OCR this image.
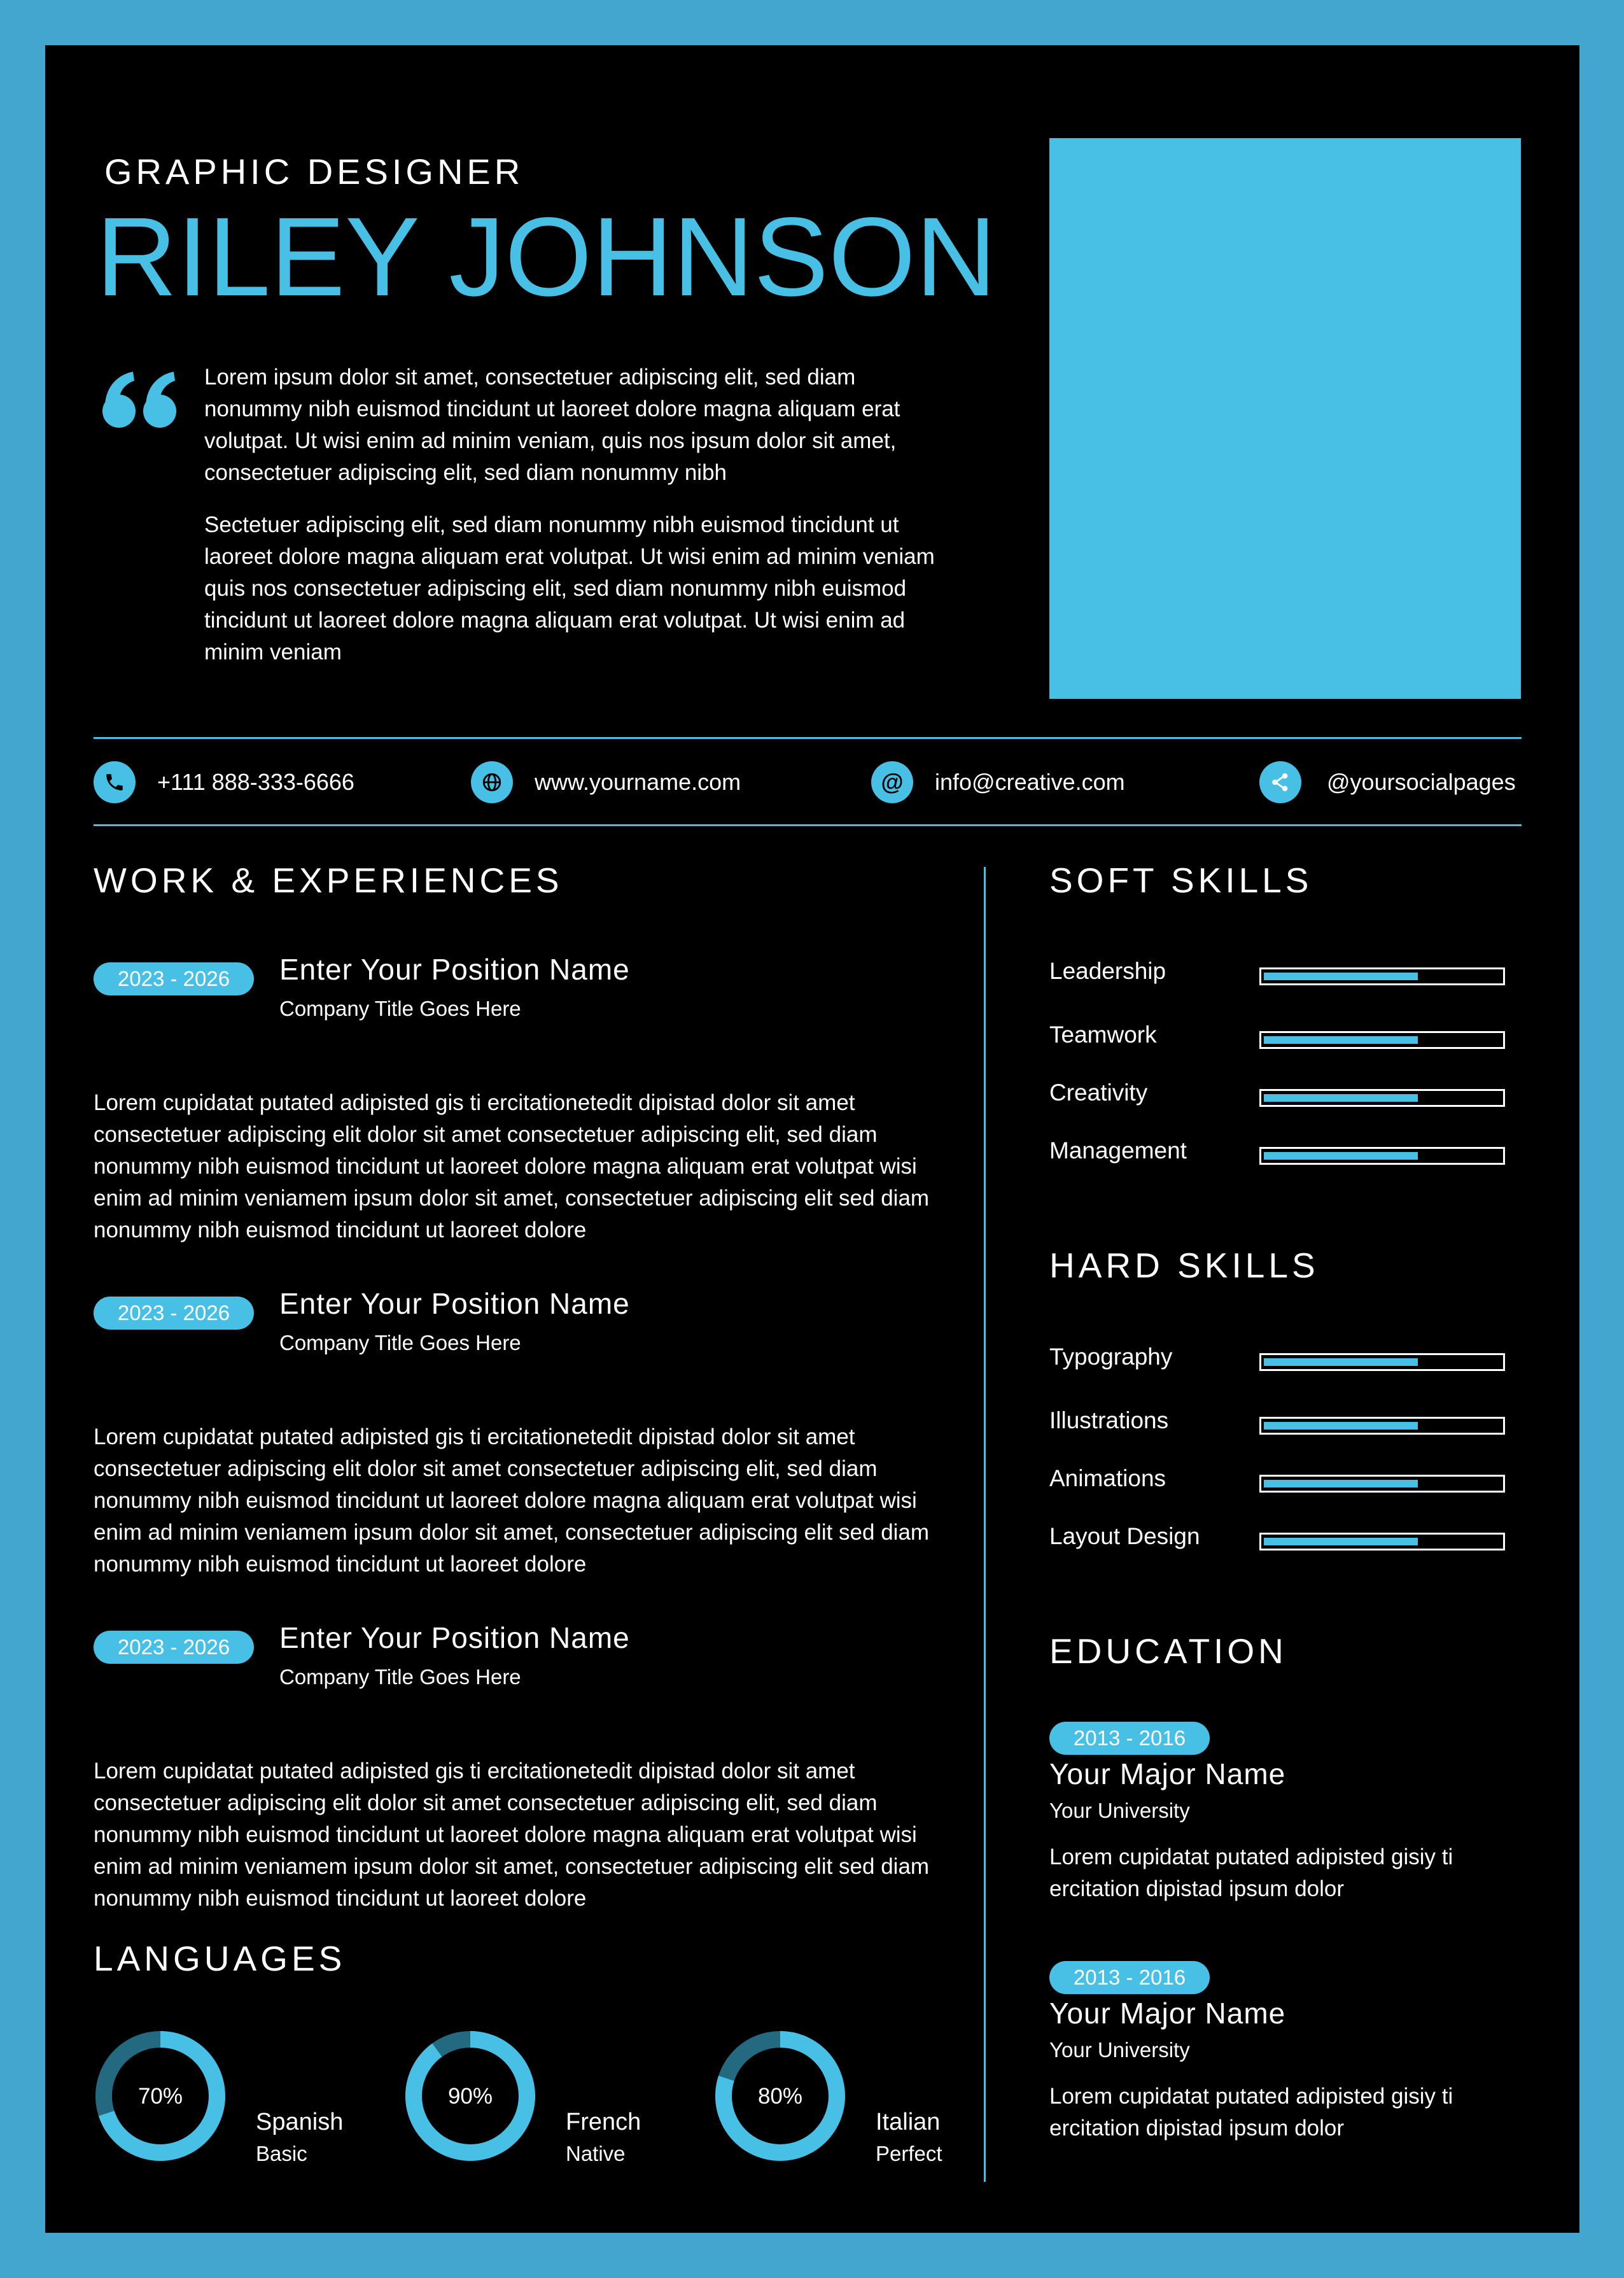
GRAPHIC DESIGNER
RILEY JOHNSON
Lorem ipsum dolor sit amet, consectetuer adipiscing elit, sed diam
nonummy nibh euismod tincidunt ut laoreet dolore magna aliquam erat
volutpat. Ut wisi enim ad minim veniam, quis nos ipsum dolor sit amet,
consectetuer adipiscing elit, sed diam nonummy nibh
Sectetuer adipiscing elit, sed diam nonummy nibh euismod tincidunt ut
laoreet dolore magna aliquam erat volutpat. Ut wisi enim ad minim veniam
quis nos consectetuer adipiscing elit, sed diam nonummy nibh euismod
tincidunt ut laoreet dolore magna aliquam erat volutpat. Ut wisi enim ad
minim veniam
+111 888-333-6666	www.yourname.com	@ info@creative.com	@yoursocialpages
WORK & EXPERIENCES
2023 - 2026	Enter Your Position Name
Company Title Goes Here
Lorem cupidatat putated adipisted gis ti ercitationetedit dipistad dolor sit amet
consectetuer adipiscing elit dolor sit amet consectetuer adipiscing elit, sed diam
nonummy nibh euismod tincidunt ut laoreet dolore magna aliquam erat volutpat wisi
enim ad minim veniamem ipsum dolor sit amet, consectetuer adipiscing elit sed diam
nonummy nibh euismod tincidunt ut laoreet dolore
2023 - 2026	Enter Your Position Name
Company Title Goes Here
Lorem cupidatat putated adipisted gis ti ercitationetedit dipistad dolor sit amet
consectetuer adipiscing elit dolor sit amet consectetuer adipiscing elit, sed diam
nonummy nibh euismod tincidunt ut laoreet dolore magna aliquam erat volutpat wisi
enim ad minim veniamem ipsum dolor sit amet, consectetuer adipiscing elit sed diam
nonummy nibh euismod tincidunt ut laoreet dolore
2023 - 2026	Enter Your Position Name
Company Title Goes Here
Lorem cupidatat putated adipisted gis ti ercitationetedit dipistad dolor sit amet
consectetuer adipiscing elit dolor sit amet consectetuer adipiscing elit, sed diam
nonummy nibh euismod tincidunt ut laoreet dolore magna aliquam erat volutpat wisi
enim ad minim veniamem ipsum dolor sit amet, consectetuer adipiscing elit sed diam
nonummy nibh euismod tincidunt ut laoreet dolore
LANGUAGES
70%
Spanish
Basic
90%
French
Native
80%
Italian
Perfect
SOFT SKILLS
Leadership
Teamwork
Creativity
Management
HARD SKILLS
Typography
Illustrations
Animations
Layout Design
EDUCATION
2013 - 2016
Your Major Name
Your University
Lorem cupidatat putated adipisted gisiy ti
ercitation dipistad ipsum dolor
2013 - 2016
Your Major Name
Your University
Lorem cupidatat putated adipisted gisiy ti
ercitation dipistad ipsum dolor
